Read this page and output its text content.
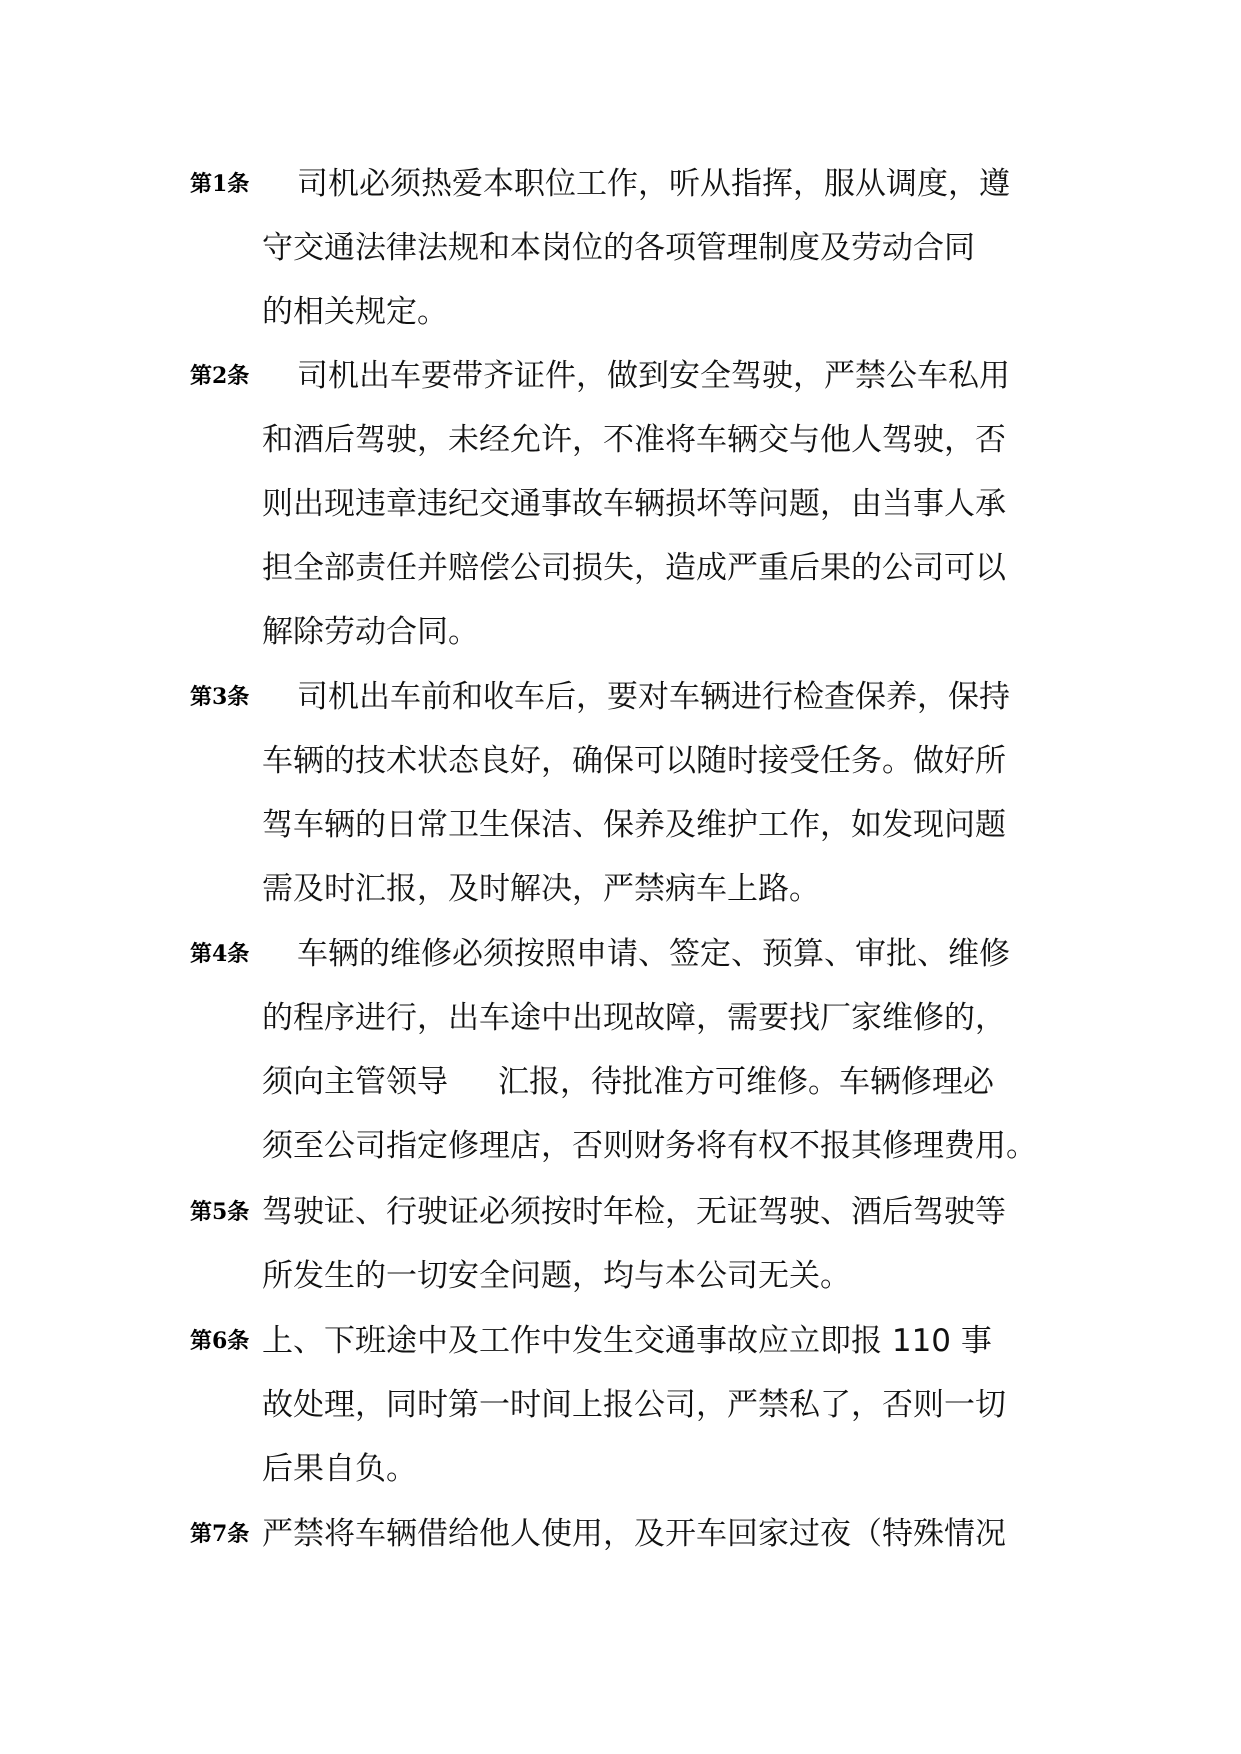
第1条 司机必须热爱本职位工作，听从指挥，服从调度，遵
守交通法律法规和本岗位的各项管理制度及劳动合同
的相关规定。
第2条 司机出车要带齐证件，做到安全驾驶，严禁公车私用
和酒后驾驶，未经允许，不准将车辆交与他人驾驶，否
则出现违章违纪交通事故车辆损坏等问题，由当事人承
担全部责任并赔偿公司损失，造成严重后果的公司可以
解除劳动合同。
第3条 司机出车前和收车后，要对车辆进行检查保养，保持
车辆的技术状态良好，确保可以随时接受任务。做好所
驾车辆的日常卫生保洁、保养及维护工作，如发现问题
需及时汇报，及时解决，严禁病车上路。
第4条 车辆的维修必须按照申请、签定、预算、审批、维修
的程序进行，出车途中出现故障，需要找厂家维修的，
须向主管领导 汇报，待批准方可维修。车辆修理必
须至公司指定修理店，否则财务将有权不报其修理费用。
第5条 驾驶证、行驶证必须按时年检，无证驾驶、酒后驾驶等
所发生的一切安全问题，均与本公司无关。
第6条 上、下班途中及工作中发生交通事故应立即报 110 事
故处理，同时第一时间上报公司，严禁私了，否则一切
后果自负。
第7条 严禁将车辆借给他人使用，及开车回家过夜（特殊情况
